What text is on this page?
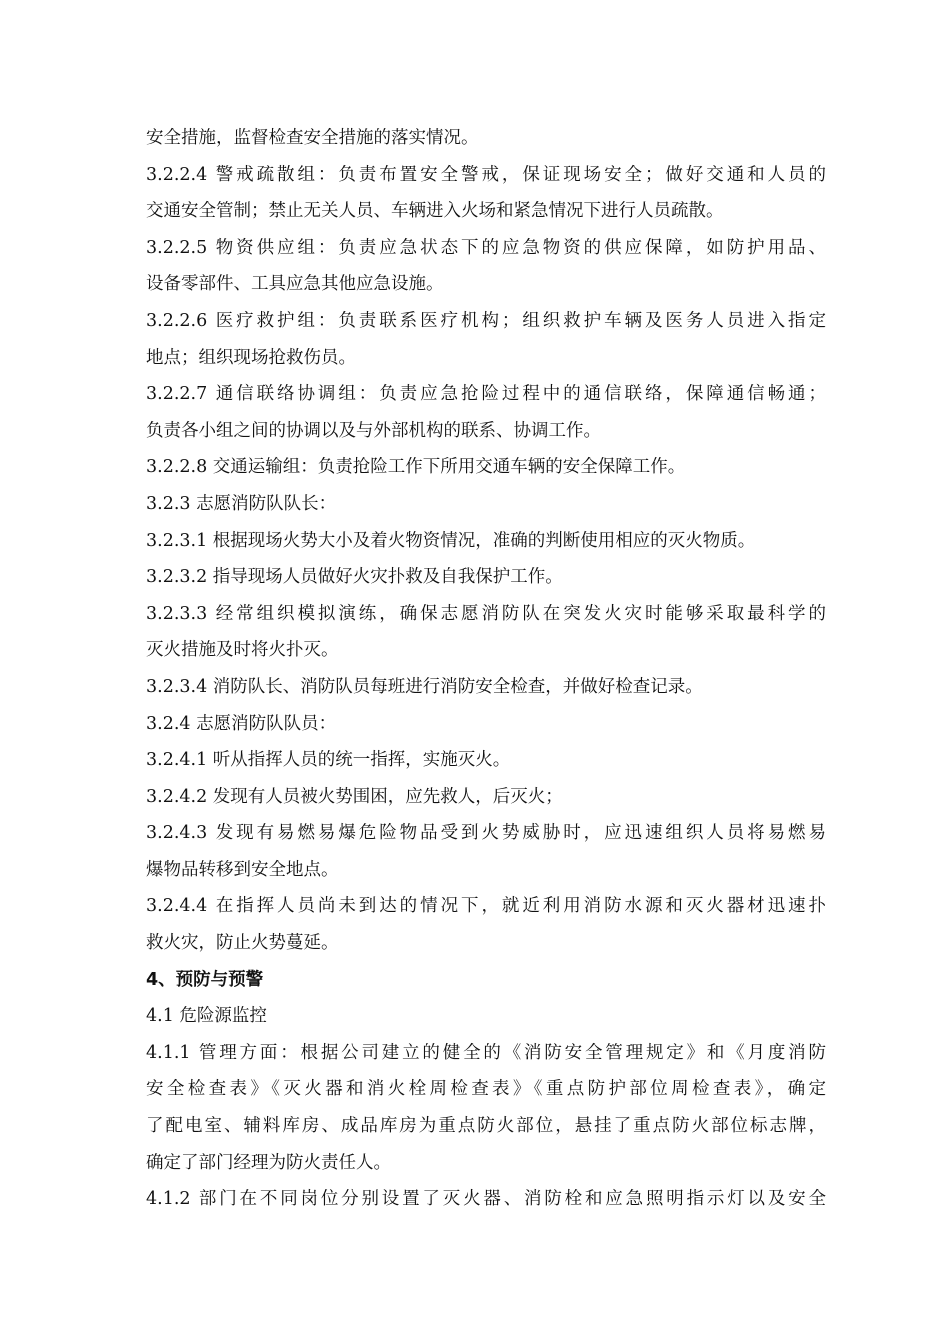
安全措施，监督检查安全措施的落实情况。
3.2.2.4 警戒疏散组：负责布置安全警戒，保证现场安全；做好交通和人员的
交通安全管制；禁止无关人员、车辆进入火场和紧急情况下进行人员疏散。
3.2.2.5 物资供应组：负责应急状态下的应急物资的供应保障，如防护用品、
设备零部件、工具应急其他应急设施。
3.2.2.6 医疗救护组：负责联系医疗机构；组织救护车辆及医务人员进入指定
地点；组织现场抢救伤员。
3.2.2.7 通信联络协调组：负责应急抢险过程中的通信联络，保障通信畅通；
负责各小组之间的协调以及与外部机构的联系、协调工作。
3.2.2.8 交通运输组：负责抢险工作下所用交通车辆的安全保障工作。
3.2.3 志愿消防队队长：
3.2.3.1 根据现场火势大小及着火物资情况，准确的判断使用相应的灭火物质。
3.2.3.2 指导现场人员做好火灾扑救及自我保护工作。
3.2.3.3 经常组织模拟演练，确保志愿消防队在突发火灾时能够采取最科学的
灭火措施及时将火扑灭。
3.2.3.4 消防队长、消防队员每班进行消防安全检查，并做好检查记录。
3.2.4 志愿消防队队员：
3.2.4.1 听从指挥人员的统一指挥，实施灭火。
3.2.4.2 发现有人员被火势围困，应先救人，后灭火；
3.2.4.3 发现有易燃易爆危险物品受到火势威胁时，应迅速组织人员将易燃易
爆物品转移到安全地点。
3.2.4.4 在指挥人员尚未到达的情况下，就近利用消防水源和灭火器材迅速扑
救火灾，防止火势蔓延。
4、预防与预警
4.1 危险源监控
4.1.1 管理方面：根据公司建立的健全的《消防安全管理规定》和《月度消防
安全检查表》《灭火器和消火栓周检查表》《重点防护部位周检查表》，确定
了配电室、辅料库房、成品库房为重点防火部位，悬挂了重点防火部位标志牌，
确定了部门经理为防火责任人。
4.1.2 部门在不同岗位分别设置了灭火器、消防栓和应急照明指示灯以及安全
